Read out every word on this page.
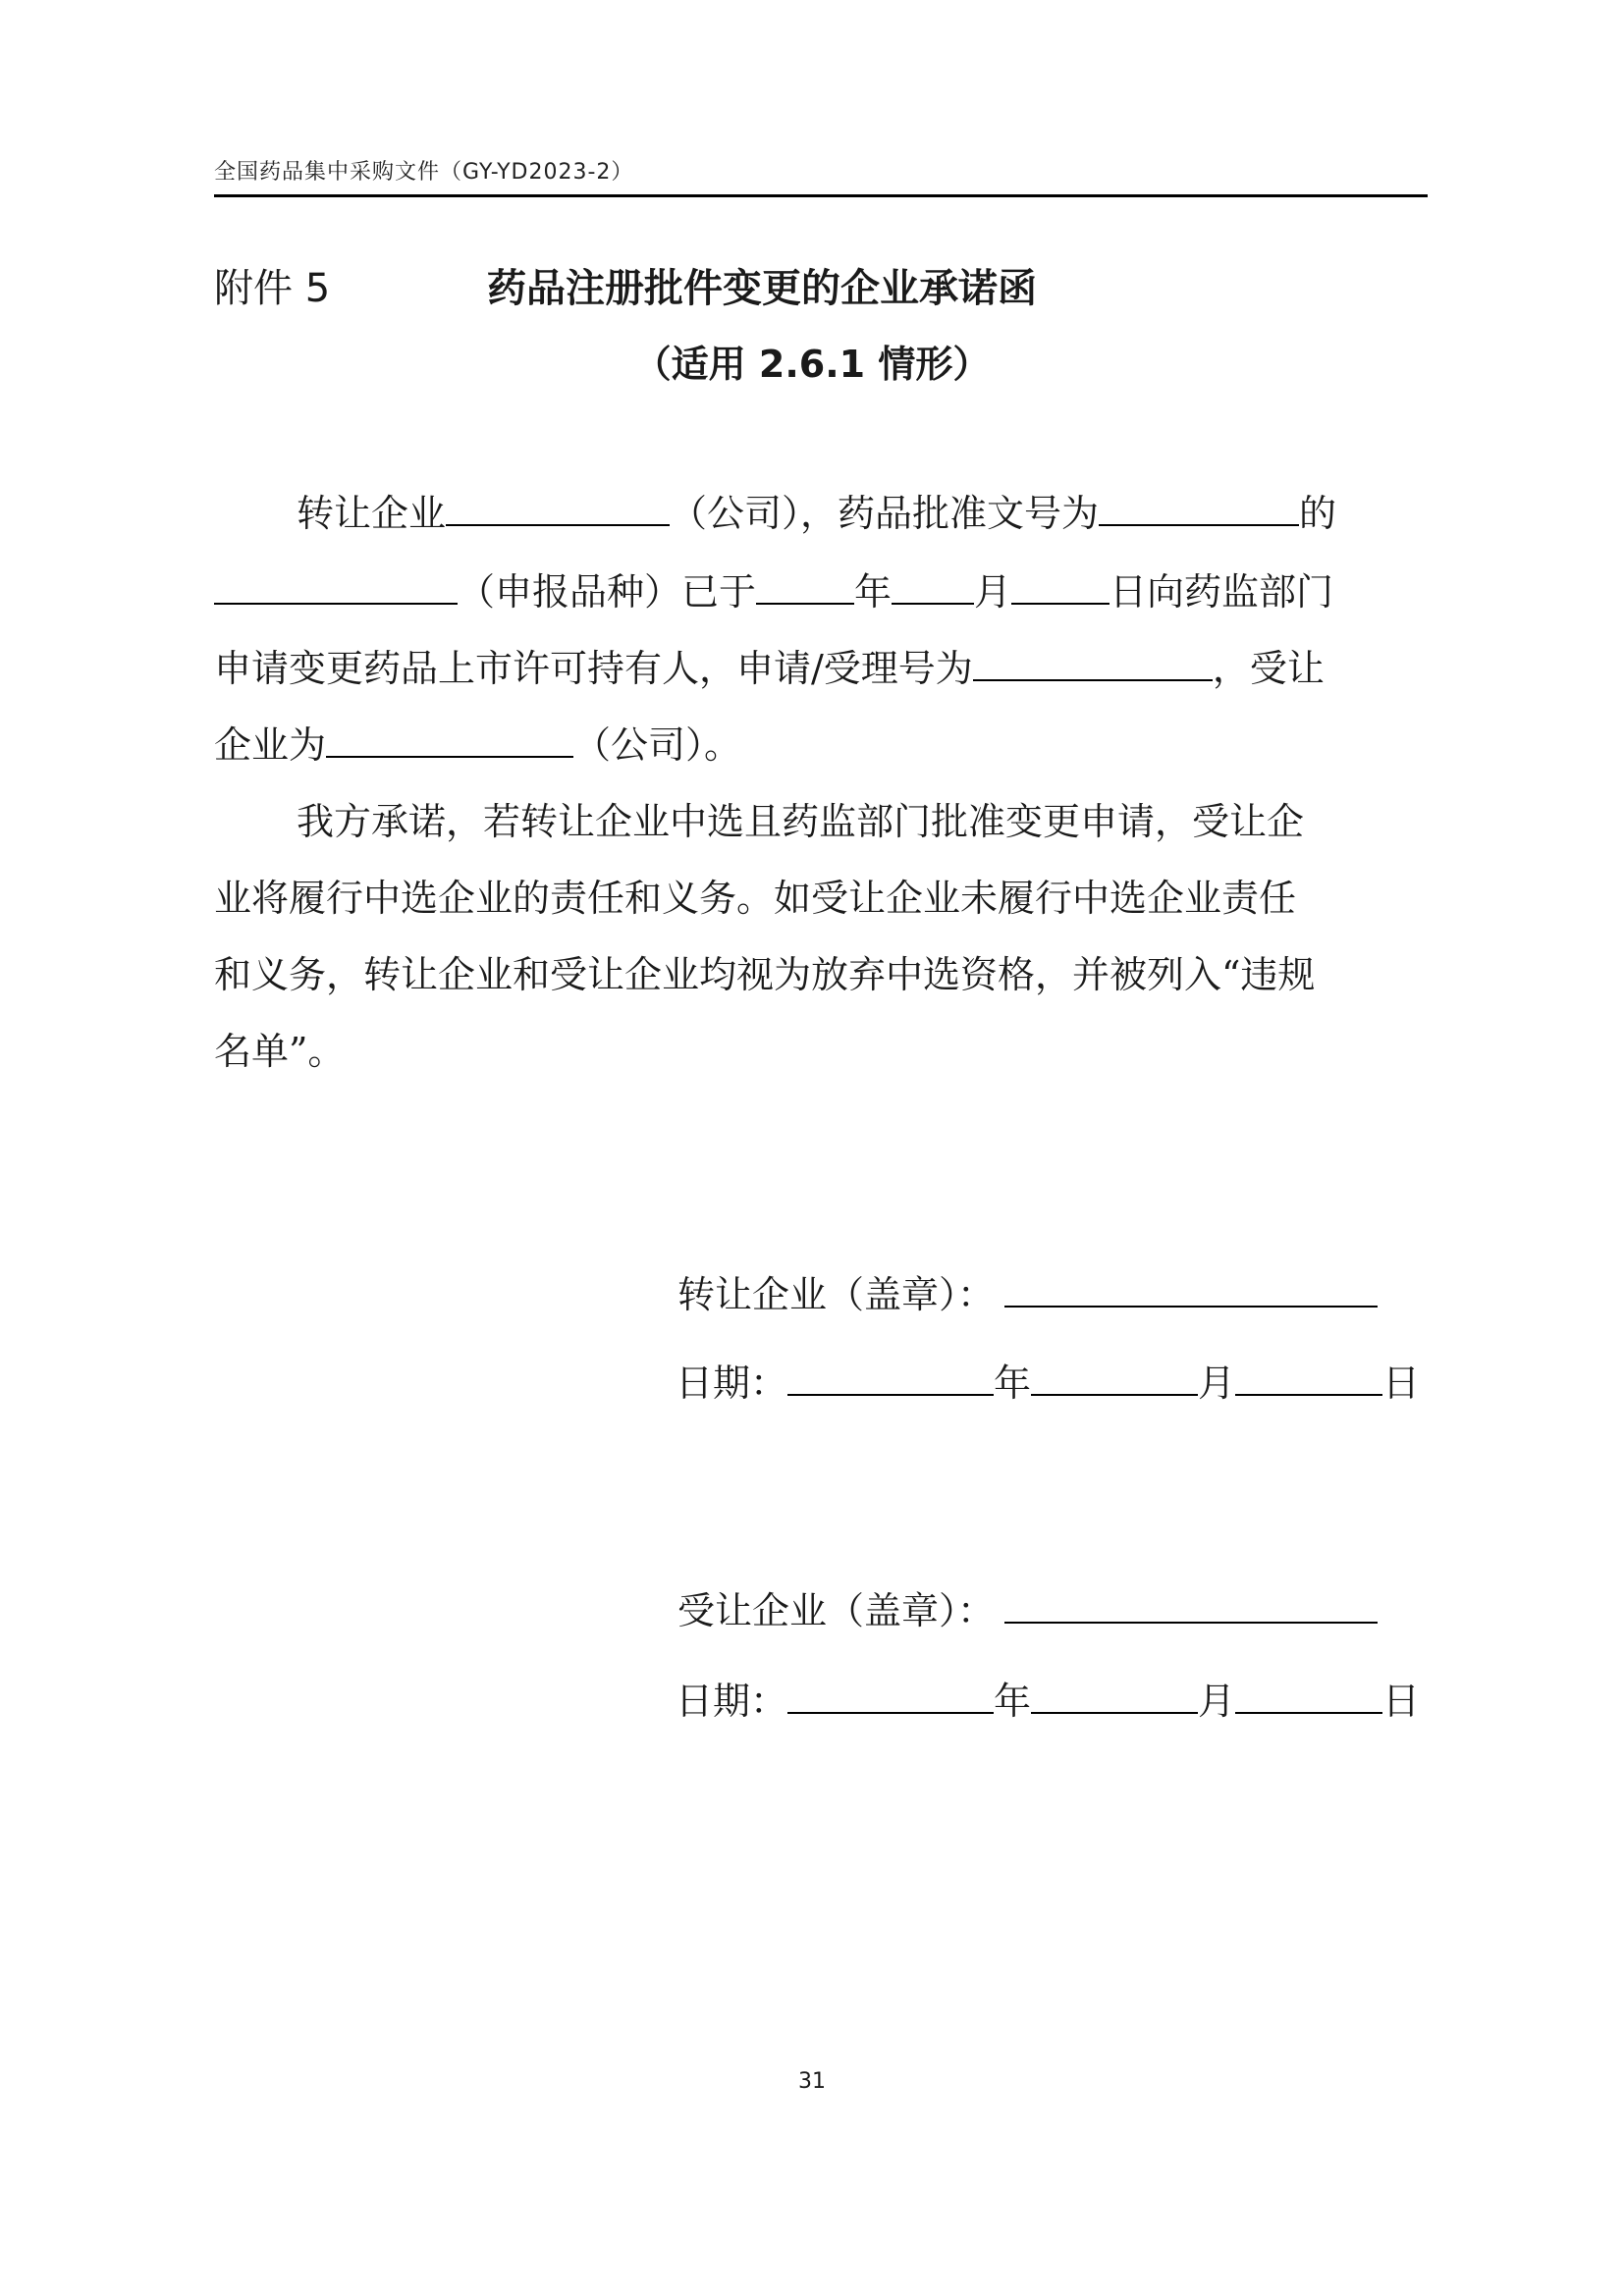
全国药品集中采购文件（GY-YD2023-2）
附件 5	药品注册批件变更的企业承诺函
（适用 2.6.1 情形）
转让企业	（公司），药品批准文号为	的
（申报品种）已于	年 月	日向药监部门
申请变更药品上市许可持有人，申请/受理号为	，受让
企业为	（公司）。
我方承诺，若转让企业中选且药监部门批准变更申请，受让企
业将履行中选企业的责任和义务。如受让企业未履行中选企业责任
和义务，转让企业和受让企业均视为放弃中选资格，并被列入“违规
名单”。
转让企业（盖章）：
日期：	年	月	日
受让企业（盖章）：
日期：	年	月	日
31
